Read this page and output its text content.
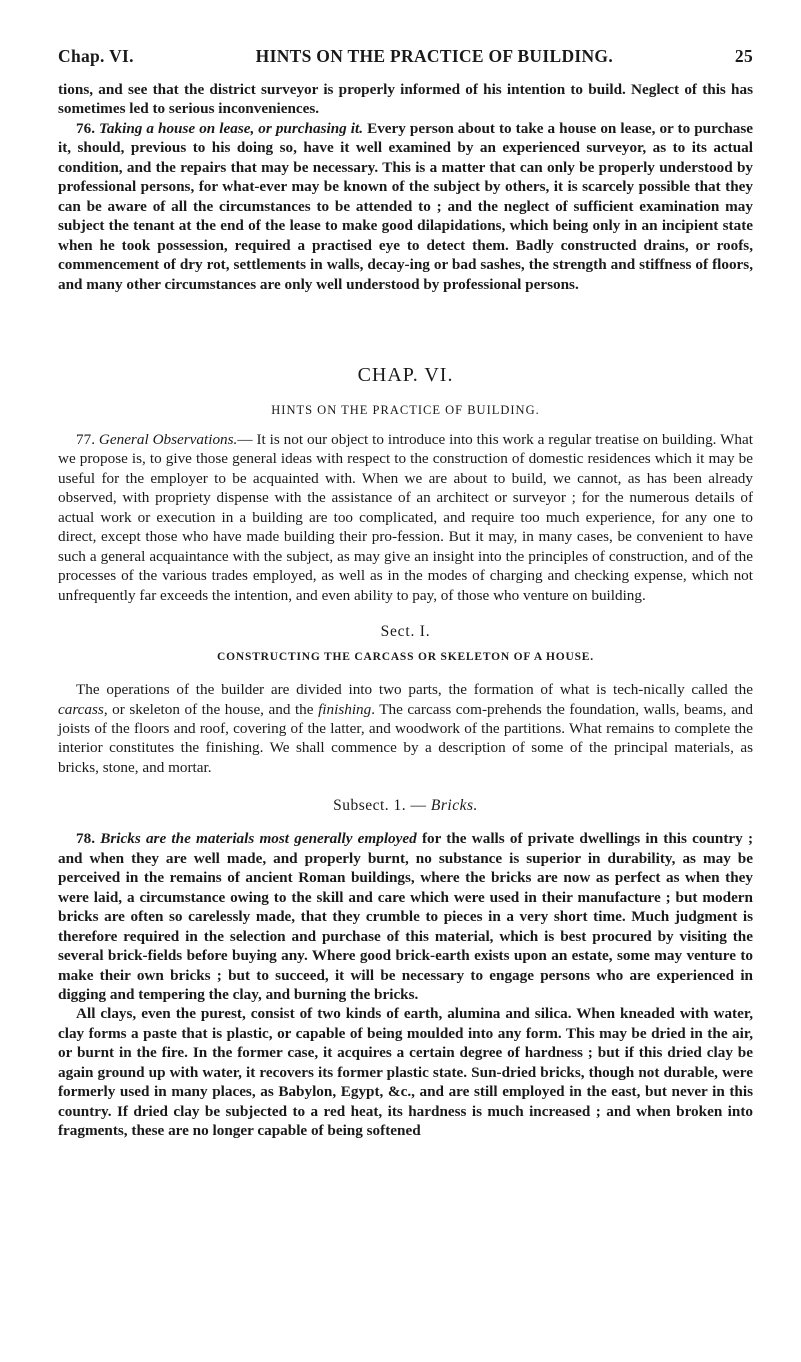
Chap. VI.	HINTS ON THE PRACTICE OF BUILDING.	25

tions, and see that the district surveyor is properly informed of his intention to build. Neglect of this has sometimes led to serious inconveniences.

76. Taking a house on lease, or purchasing it. Every person about to take a house on lease, or to purchase it, should, previous to his doing so, have it well examined by an experienced surveyor, as to its actual condition, and the repairs that may be necessary. This is a matter that can only be properly understood by professional persons, for what-ever may be known of the subject by others, it is scarcely possible that they can be aware of all the circumstances to be attended to ; and the neglect of sufficient examination may subject the tenant at the end of the lease to make good dilapidations, which being only in an incipient state when he took possession, required a practised eye to detect them. Badly constructed drains, or roofs, commencement of dry rot, settlements in walls, decay-ing or bad sashes, the strength and stiffness of floors, and many other circumstances are only well understood by professional persons.

CHAP. VI.
HINTS ON THE PRACTICE OF BUILDING.

77. General Observations.— It is not our object to introduce into this work a regular treatise on building. What we propose is, to give those general ideas with respect to the construction of domestic residences which it may be useful for the employer to be acquainted with. When we are about to build, we cannot, as has been already observed, with propriety dispense with the assistance of an architect or surveyor ; for the numerous details of actual work or execution in a building are too complicated, and require too much experience, for any one to direct, except those who have made building their pro-fession. But it may, in many cases, be convenient to have such a general acquaintance with the subject, as may give an insight into the principles of construction, and of the processes of the various trades employed, as well as in the modes of charging and checking expense, which not unfrequently far exceeds the intention, and even ability to pay, of those who venture on building.

Sect. I.
CONSTRUCTING THE CARCASS OR SKELETON OF A HOUSE.

The operations of the builder are divided into two parts, the formation of what is tech-nically called the carcass, or skeleton of the house, and the finishing. The carcass com-prehends the foundation, walls, beams, and joists of the floors and roof, covering of the latter, and woodwork of the partitions. What remains to complete the interior constitutes the finishing. We shall commence by a description of some of the principal materials, as bricks, stone, and mortar.

Subsect. 1. — Bricks.

78. Bricks are the materials most generally employed for the walls of private dwellings in this country ; and when they are well made, and properly burnt, no substance is superior in durability, as may be perceived in the remains of ancient Roman buildings, where the bricks are now as perfect as when they were laid, a circumstance owing to the skill and care which were used in their manufacture ; but modern bricks are often so carelessly made, that they crumble to pieces in a very short time. Much judgment is therefore required in the selection and purchase of this material, which is best procured by visiting the several brick-fields before buying any. Where good brick-earth exists upon an estate, some may venture to make their own bricks ; but to succeed, it will be necessary to engage persons who are experienced in digging and tempering the clay, and burning the bricks.

All clays, even the purest, consist of two kinds of earth, alumina and silica. When kneaded with water, clay forms a paste that is plastic, or capable of being moulded into any form. This may be dried in the air, or burnt in the fire. In the former case, it acquires a certain degree of hardness ; but if this dried clay be again ground up with water, it recovers its former plastic state. Sun-dried bricks, though not durable, were formerly used in many places, as Babylon, Egypt, &c., and are still employed in the east, but never in this country. If dried clay be subjected to a red heat, its hardness is much increased ; and when broken into fragments, these are no longer capable of being softened
